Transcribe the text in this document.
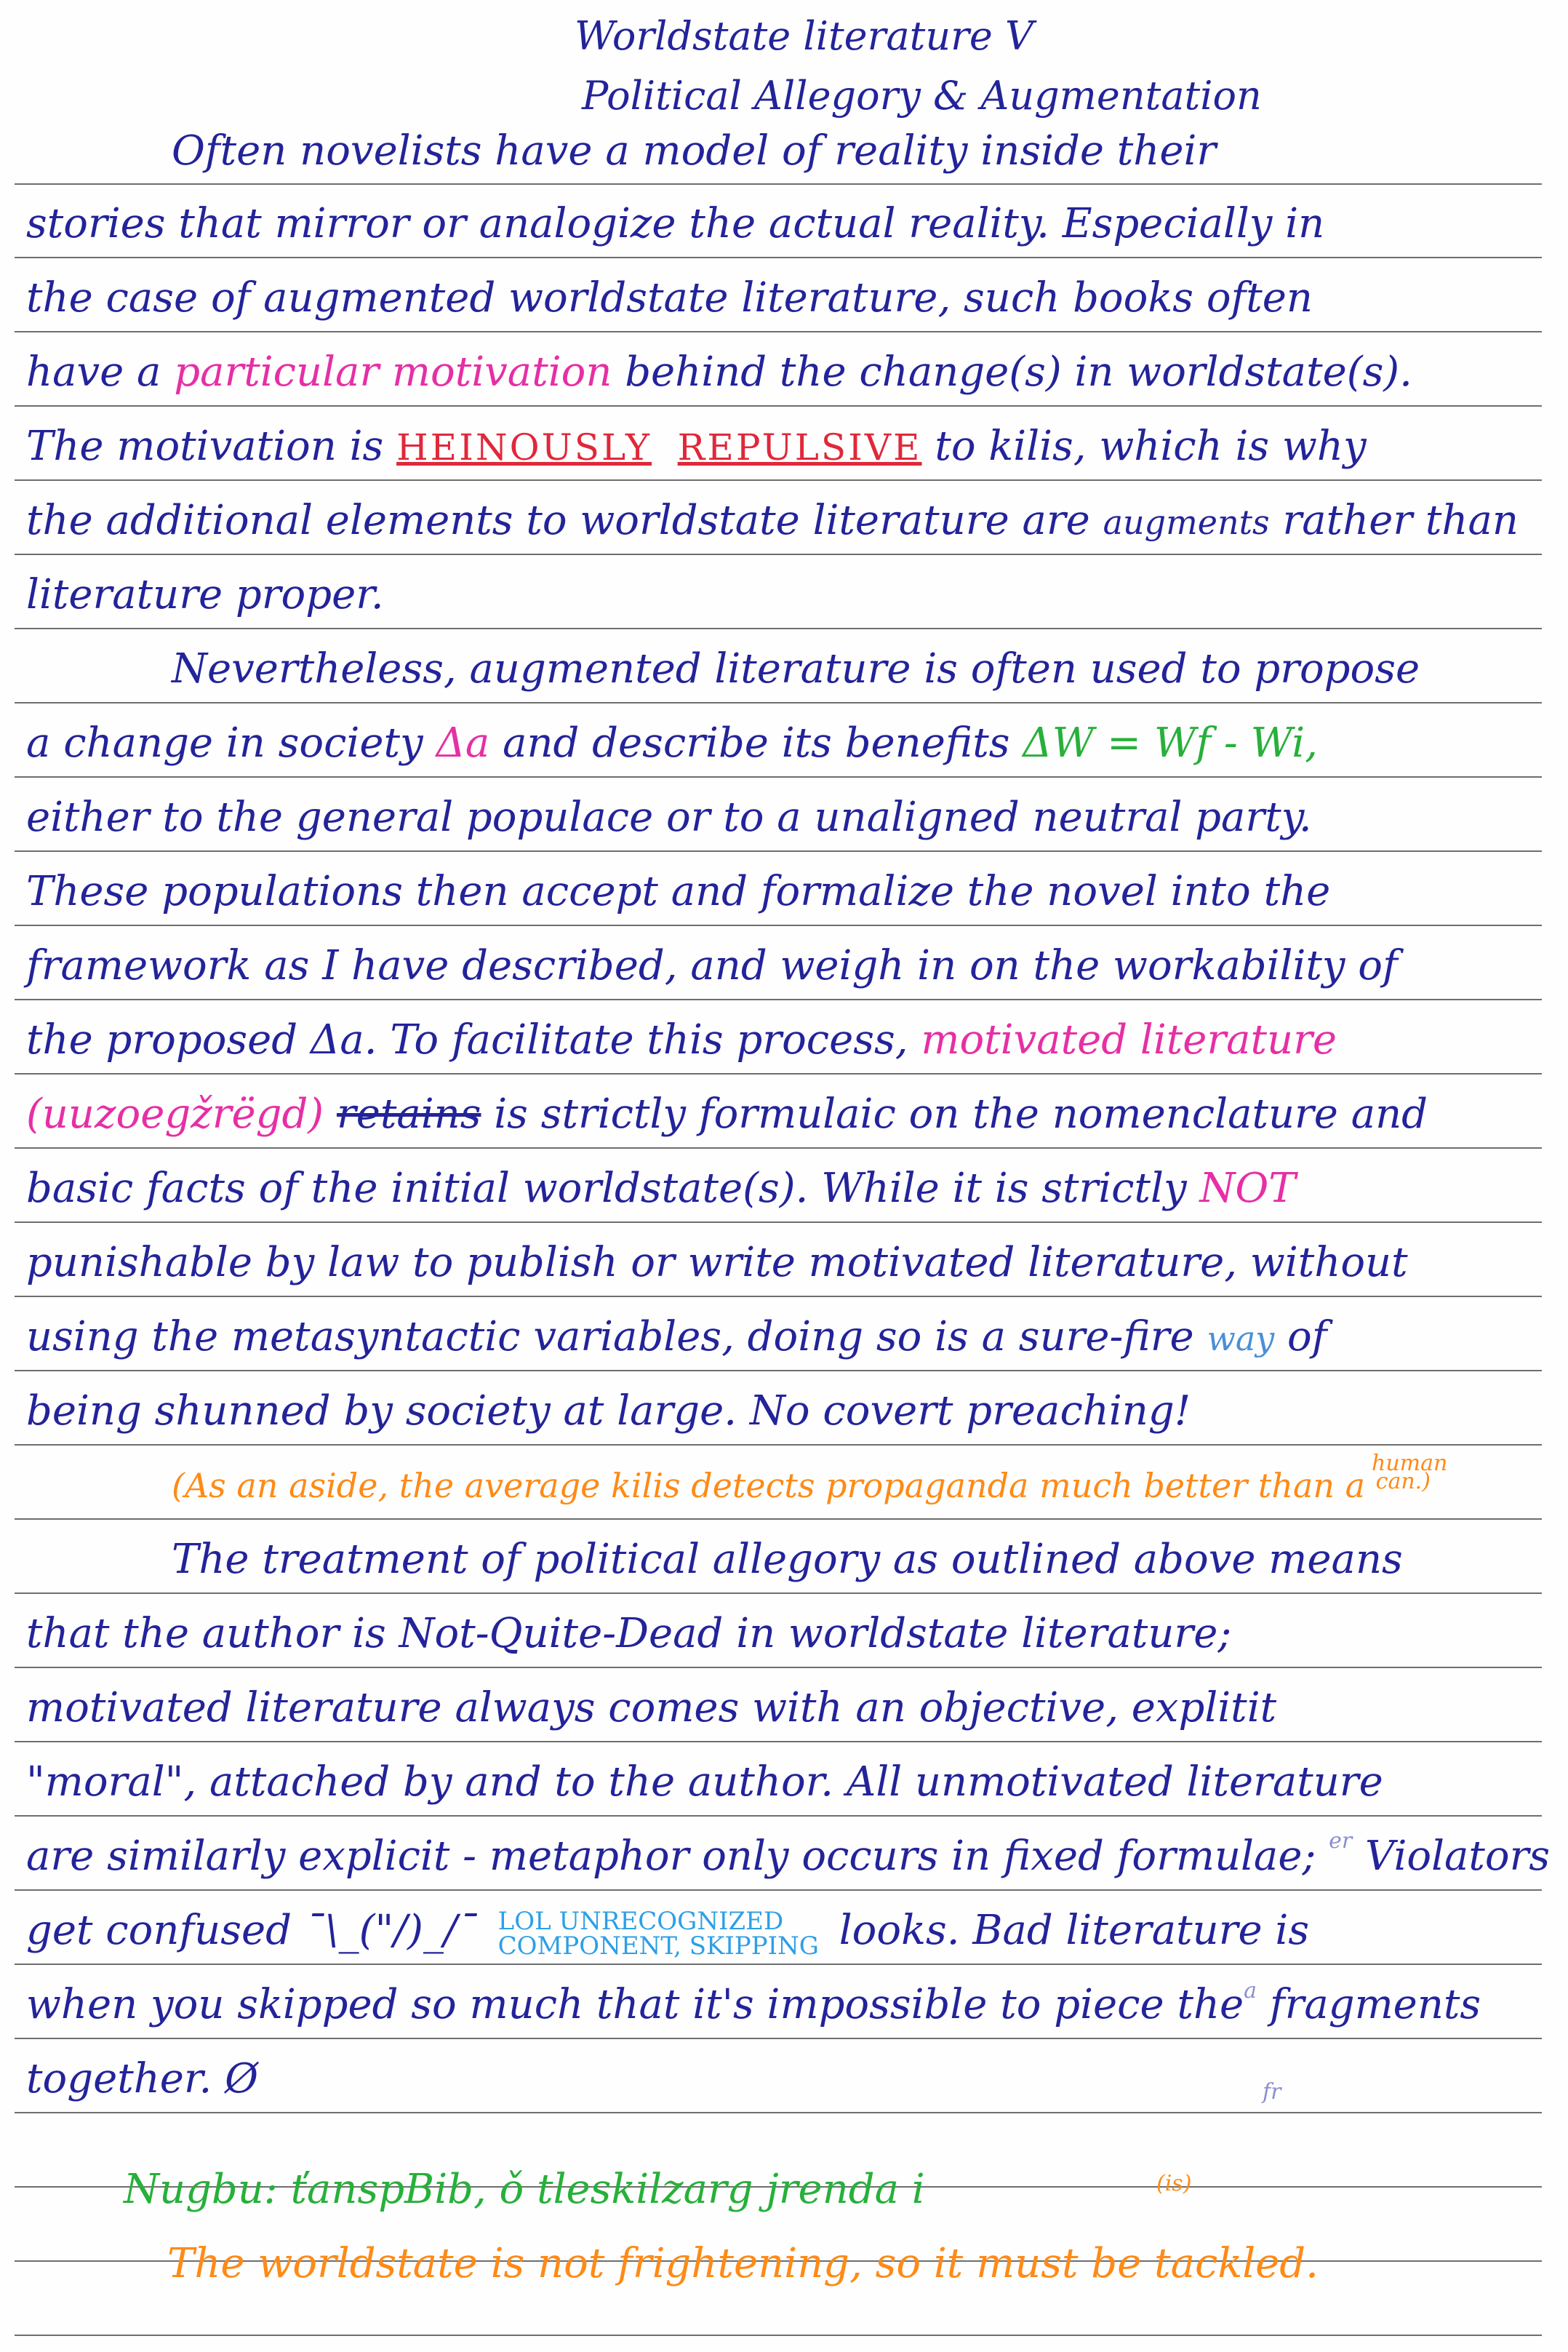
Worldstate literature V
Political Allegory & Augmentation
Often novelists have a model of reality inside their
stories that mirror or analogize the actual reality. Especially in
the case of augmented worldstate literature, such books often
have a particular motivation behind the change(s) in worldstate(s).
The motivation is HEINOUSLY REPULSIVE to kilis, which is why
the additional elements to worldstate literature are augments rather than
literature proper.
Nevertheless, augmented literature is often used to propose
a change in society Δa and describe its benefits ΔW = Wf - Wi,
either to the general populace or to a unaligned neutral party.
These populations then accept and formalize the novel into the
framework as I have described, and weigh in on the workability of
the proposed Δa. To facilitate this process, motivated literature
(uuzoegžrëgd) retains is strictly formulaic on the nomenclature and
basic facts of the initial worldstate(s). While it is strictly NOT
punishable by law to publish or write motivated literature, without
using the metasyntactic variables, doing so is a sure-fire way of
being shunned by society at large. No covert preaching!
(As an aside, the average kilis detects propaganda much better than a
human
$^{can.)}$
The treatment of political allegory as outlined above means
that the author is Not-Quite-Dead in worldstate literature;
motivated literature always comes with an objective, explitit
"moral", attached by and to the author. All unmotivated literature
are similarly explicit - metaphor only occurs in fixed formulae; $^{er}$ Violators
get confused ¯\_("/)_/¯ LOL UNRECOGNIZED
COMPONENT, SKIPPING looks. Bad literature is
when you skipped so much that it's impossible to piece the$^a$ fragments
together. Ø	fr
Nugbu: ťanspBib, ǒ tleskilzarg jrenda i	(is)
The worldstate is not frightening, so it must be tackled.
